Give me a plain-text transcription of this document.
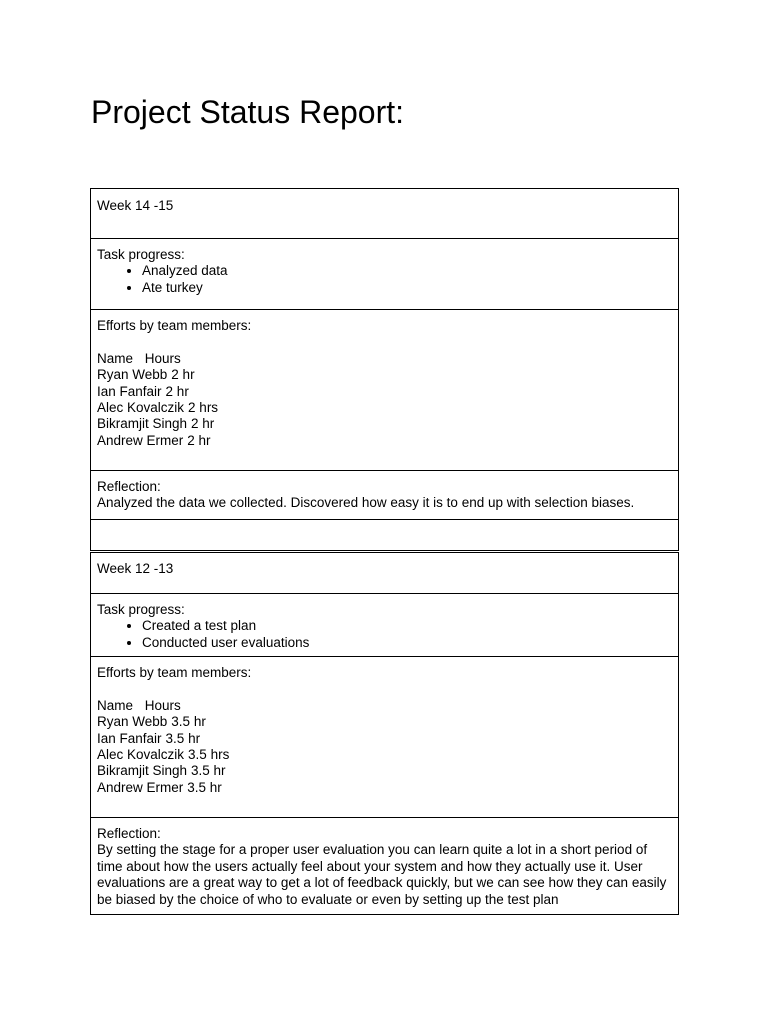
Project Status Report:
Week 14 -15

Task progress:
• Analyzed data
• Ate turkey

Efforts by team members:
Name Hours
Ryan Webb 2 hr
Ian Fanfair 2 hr
Alec Kovalczik 2 hrs
Bikramjit Singh 2 hr
Andrew Ermer 2 hr

Reflection:
Analyzed the data we collected. Discovered how easy it is to end up with selection biases.

Week 12 -13

Task progress:
• Created a test plan
• Conducted user evaluations

Efforts by team members:
Name Hours
Ryan Webb 3.5 hr
Ian Fanfair 3.5 hr
Alec Kovalczik 3.5 hrs
Bikramjit Singh 3.5 hr
Andrew Ermer 3.5 hr

Reflection:
By setting the stage for a proper user evaluation you can learn quite a lot in a short period of time about how the users actually feel about your system and how they actually use it. User evaluations are a great way to get a lot of feedback quickly, but we can see how they can easily be biased by the choice of who to evaluate or even by setting up the test plan
